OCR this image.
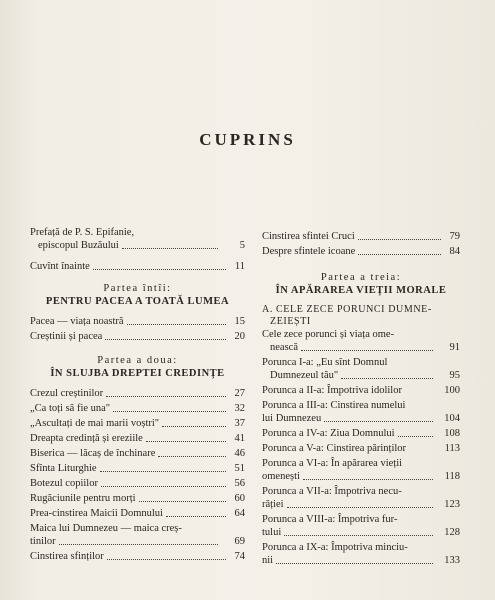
CUPRINS
Prefață de P. S. Epifanie,
episcopul Buzăului	5
Cuvînt înainte	11
Partea întîi:
PENTRU PACEA A TOATĂ LUMEA
Pacea — viața noastră	15
Creștinii și pacea	20
Partea a doua:
ÎN SLUJBA DREPTEI CREDINȚE
Crezul creștinilor	27
„Ca toți să fie una"	32
„Ascultați de mai marii voștri"	37
Dreapta credință și ereziile	41
Biserica — lăcaș de închinare	46
Sfînta Liturghie	51
Botezul copiilor	56
Rugăciunile pentru morți	60
Prea-cinstirea Maicii Domnului	64
Maica lui Dumnezeu — maica creș-
tinilor	69
Cinstirea sfinților	74
Cinstirea sfintei Cruci	79
Despre sfintele icoane	84
Partea a treia:
ÎN APĂRAREA VIEȚII MORALE
A. CELE ZECE PORUNCI DUMNE-
ZEIEȘTI
Cele zece porunci și viața ome-
nească	91
Porunca I-a: „Eu sînt Domnul
Dumnezeul tău"	95
Porunca a II-a: Împotriva idolilor	100
Porunca a III-a: Cinstirea numelui
lui Dumnezeu	104
Porunca a IV-a: Ziua Domnului	108
Porunca a V-a: Cinstirea părinților	113
Porunca a VI-a: În apărarea vieții
omenești	118
Porunca a VII-a: Împotriva necu-
răției	123
Porunca a VIII-a: Împotriva fur-
tului	128
Porunca a IX-a: Împotriva minciu-
nii	133
